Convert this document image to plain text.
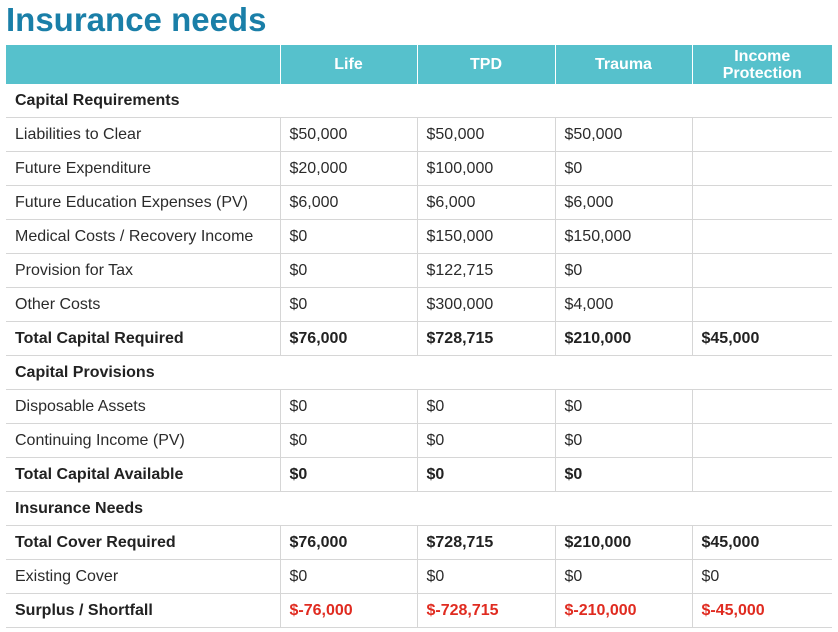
Insurance needs
	Life	TPD	Trauma	Income Protection
Capital Requirements				
Liabilities to Clear	$50,000	$50,000	$50,000	
Future Expenditure	$20,000	$100,000	$0	
Future Education Expenses (PV)	$6,000	$6,000	$6,000	
Medical Costs / Recovery Income	$0	$150,000	$150,000	
Provision for Tax	$0	$122,715	$0	
Other Costs	$0	$300,000	$4,000	
Total Capital Required	$76,000	$728,715	$210,000	$45,000
Capital Provisions				
Disposable Assets	$0	$0	$0	
Continuing Income (PV)	$0	$0	$0	
Total Capital Available	$0	$0	$0	
Insurance Needs				
Total Cover Required	$76,000	$728,715	$210,000	$45,000
Existing Cover	$0	$0	$0	$0
Surplus / Shortfall	$-76,000	$-728,715	$-210,000	$-45,000
